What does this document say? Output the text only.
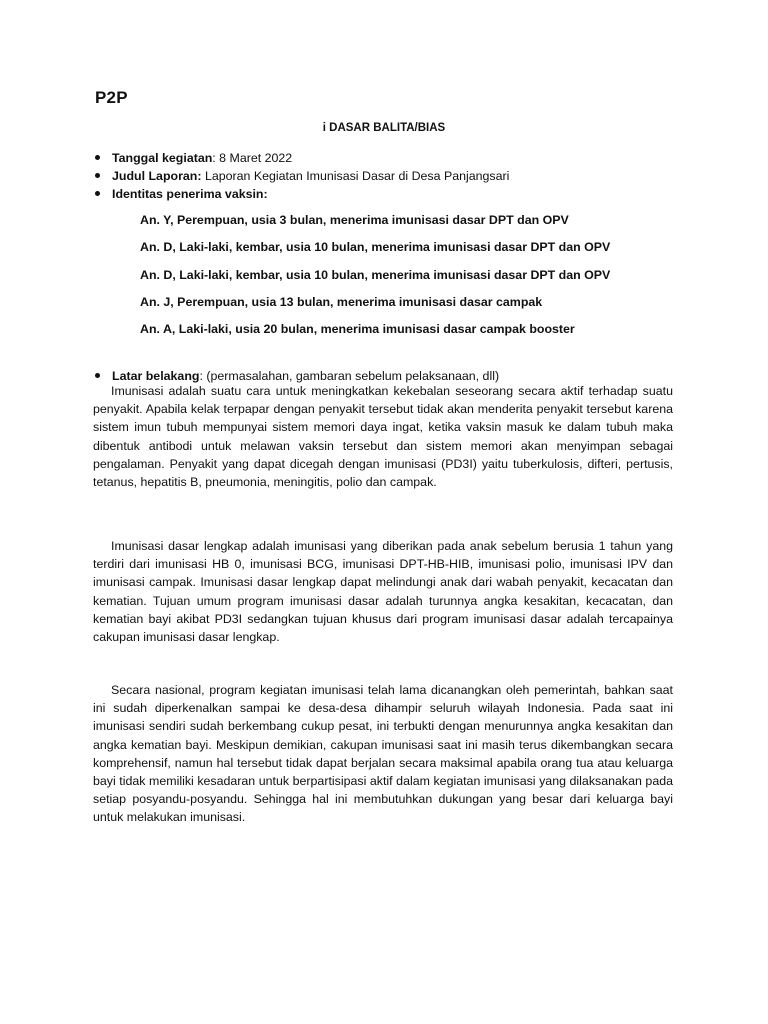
P2P
i DASAR BALITA/BIAS
Tanggal kegiatan: 8 Maret 2022
Judul Laporan: Laporan Kegiatan Imunisasi Dasar di Desa Panjangsari
Identitas penerima vaksin:
An. Y, Perempuan, usia 3 bulan, menerima imunisasi dasar DPT dan OPV
An. D, Laki-laki, kembar, usia 10 bulan, menerima imunisasi dasar DPT dan OPV
An. D, Laki-laki, kembar, usia 10 bulan, menerima imunisasi dasar DPT dan OPV
An. J, Perempuan, usia 13 bulan, menerima imunisasi dasar campak
An. A, Laki-laki, usia 20 bulan, menerima imunisasi dasar campak booster
Latar belakang: (permasalahan, gambaran sebelum pelaksanaan, dll)

Imunisasi adalah suatu cara untuk meningkatkan kekebalan seseorang secara aktif terhadap suatu penyakit. Apabila kelak terpapar dengan penyakit tersebut tidak akan menderita penyakit tersebut karena sistem imun tubuh mempunyai sistem memori daya ingat, ketika vaksin masuk ke dalam tubuh maka dibentuk antibodi untuk melawan vaksin tersebut dan sistem memori akan menyimpan sebagai pengalaman. Penyakit yang dapat dicegah dengan imunisasi (PD3I) yaitu tuberkulosis, difteri, pertusis, tetanus, hepatitis B, pneumonia, meningitis, polio dan campak.

Imunisasi dasar lengkap adalah imunisasi yang diberikan pada anak sebelum berusia 1 tahun yang terdiri dari imunisasi HB 0, imunisasi BCG, imunisasi DPT-HB-HIB, imunisasi polio, imunisasi IPV dan imunisasi campak. Imunisasi dasar lengkap dapat melindungi anak dari wabah penyakit, kecacatan dan kematian. Tujuan umum program imunisasi dasar adalah turunnya angka kesakitan, kecacatan, dan kematian bayi akibat PD3I sedangkan tujuan khusus dari program imunisasi dasar adalah tercapainya cakupan imunisasi dasar lengkap.

Secara nasional, program kegiatan imunisasi telah lama dicanangkan oleh pemerintah, bahkan saat ini sudah diperkenalkan sampai ke desa-desa dihampir seluruh wilayah Indonesia. Pada saat ini imunisasi sendiri sudah berkembang cukup pesat, ini terbukti dengan menurunnya angka kesakitan dan angka kematian bayi. Meskipun demikian, cakupan imunisasi saat ini masih terus dikembangkan secara komprehensif, namun hal tersebut tidak dapat berjalan secara maksimal apabila orang tua atau keluarga bayi tidak memiliki kesadaran untuk berpartisipasi aktif dalam kegiatan imunisasi yang dilaksanakan pada setiap posyandu-posyandu. Sehingga hal ini membutuhkan dukungan yang besar dari keluarga bayi untuk melakukan imunisasi.
